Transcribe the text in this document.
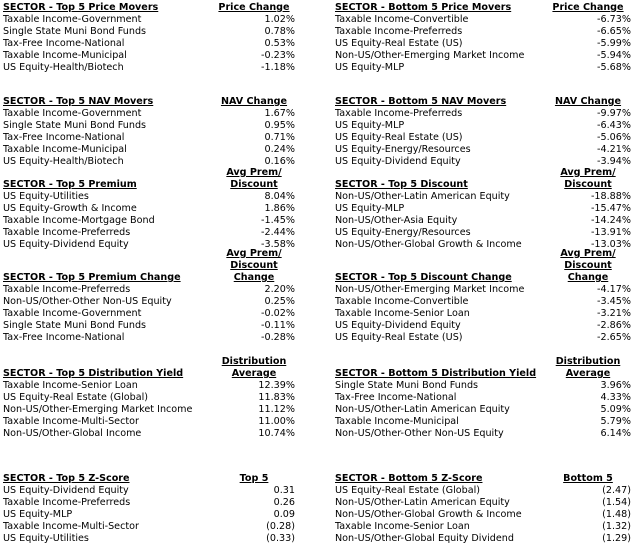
SECTOR - Top 5 Price Movers	Price Change
Taxable Income-Government	1.02%
Single State Muni Bond Funds	0.78%
Tax-Free Income-National	0.53%
Taxable Income-Municipal	-0.23%
US Equity-Health/Biotech	-1.18%
SECTOR - Bottom 5 Price Movers	Price Change
Taxable Income-Convertible	-6.73%
Taxable Income-Preferreds	-6.65%
US Equity-Real Estate (US)	-5.99%
Non-US/Other-Emerging Market Income	-5.94%
US Equity-MLP	-5.68%
SECTOR - Top 5 NAV Movers	NAV Change
Taxable Income-Government	1.67%
Single State Muni Bond Funds	0.95%
Tax-Free Income-National	0.71%
Taxable Income-Municipal	0.24%
US Equity-Health/Biotech	0.16%
SECTOR - Bottom 5 NAV Movers	NAV Change
Taxable Income-Preferreds	-9.97%
US Equity-MLP	-6.43%
US Equity-Real Estate (US)	-5.06%
US Equity-Energy/Resources	-4.21%
US Equity-Dividend Equity	-3.94%
SECTOR - Top 5 Premium
Avg Prem/
Discount
US Equity-Utilities	8.04%
US Equity-Growth & Income	1.86%
Taxable Income-Mortgage Bond	-1.45%
Taxable Income-Preferreds	-2.44%
US Equity-Dividend Equity	-3.58%
SECTOR - Top 5 Discount
Avg Prem/
Discount
Non-US/Other-Latin American Equity	-18.88%
US Equity-MLP	-15.47%
Non-US/Other-Asia Equity	-14.24%
US Equity-Energy/Resources	-13.91%
Non-US/Other-Global Growth & Income	-13.03%
SECTOR - Top 5 Premium Change
Avg Prem/
Discount Change
Taxable Income-Preferreds	2.20%
Non-US/Other-Other Non-US Equity	0.25%
Taxable Income-Government	-0.02%
Single State Muni Bond Funds	-0.11%
Tax-Free Income-National	-0.28%
SECTOR - Top 5 Discount Change
Avg Prem/
Discount Change
Non-US/Other-Emerging Market Income	-4.17%
Taxable Income-Convertible	-3.45%
Taxable Income-Senior Loan	-3.21%
US Equity-Dividend Equity	-2.86%
US Equity-Real Estate (US)	-2.65%
SECTOR - Top 5 Distribution Yield
Distribution
Average
Taxable Income-Senior Loan	12.39%
US Equity-Real Estate (Global)	11.83%
Non-US/Other-Emerging Market Income	11.12%
Taxable Income-Multi-Sector	11.00%
Non-US/Other-Global Income	10.74%
SECTOR - Bottom 5 Distribution Yield
Distribution
Average
Single State Muni Bond Funds	3.96%
Tax-Free Income-National	4.33%
Non-US/Other-Latin American Equity	5.09%
Taxable Income-Municipal	5.79%
Non-US/Other-Other Non-US Equity	6.14%
SECTOR - Top 5 Z-Score	Top 5
US Equity-Dividend Equity	0.31
Taxable Income-Preferreds	0.26
US Equity-MLP	0.09
Taxable Income-Multi-Sector	(0.28)
US Equity-Utilities	(0.33)
SECTOR - Bottom 5 Z-Score	Bottom 5
US Equity-Real Estate (Global)	(2.47)
Non-US/Other-Latin American Equity	(1.54)
Non-US/Other-Global Growth & Income	(1.48)
Taxable Income-Senior Loan	(1.32)
Non-US/Other-Global Equity Dividend	(1.29)
